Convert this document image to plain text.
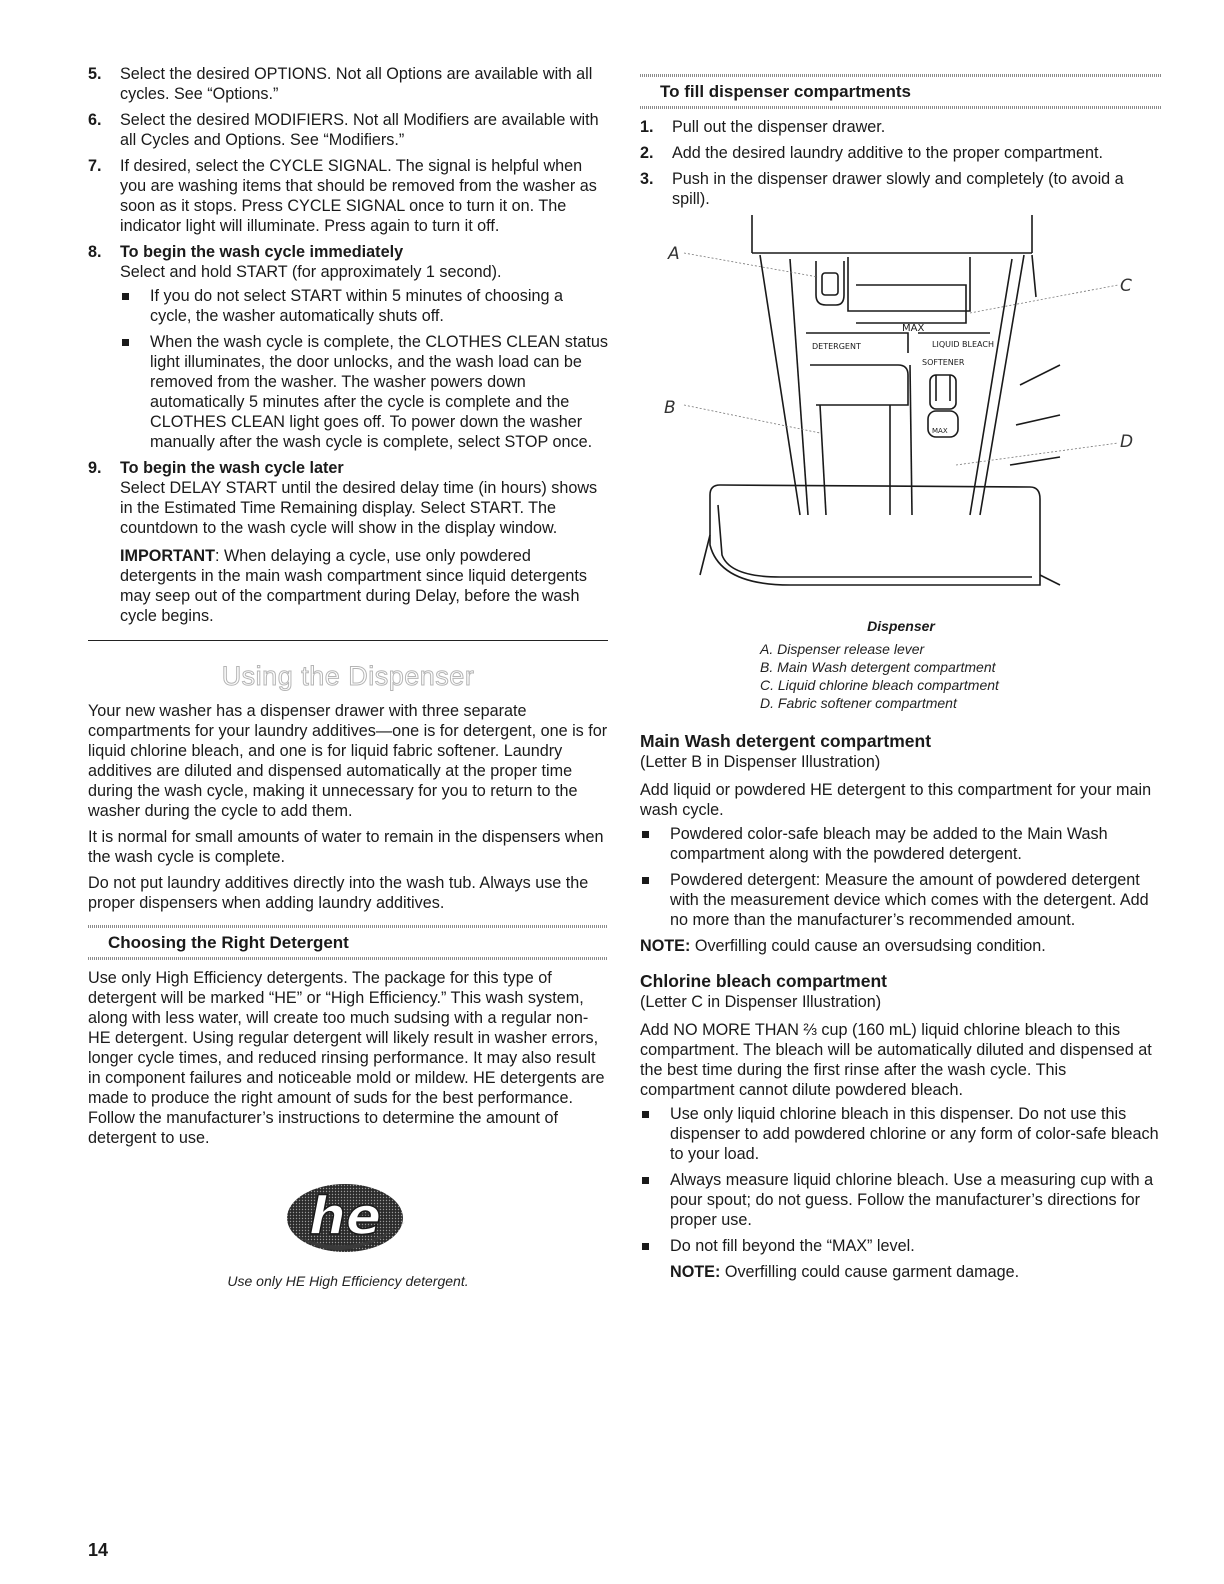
5. Select the desired OPTIONS. Not all Options are available with all cycles. See “Options.”
6. Select the desired MODIFIERS. Not all Modifiers are available with all Cycles and Options. See “Modifiers.”
7. If desired, select the CYCLE SIGNAL. The signal is helpful when you are washing items that should be removed from the washer as soon as it stops. Press CYCLE SIGNAL once to turn it on. The indicator light will illuminate. Press again to turn it off.
8. To begin the wash cycle immediately
Select and hold START (for approximately 1 second).
If you do not select START within 5 minutes of choosing a cycle, the washer automatically shuts off.
When the wash cycle is complete, the CLOTHES CLEAN status light illuminates, the door unlocks, and the wash load can be removed from the washer. The washer powers down automatically 5 minutes after the cycle is complete and the CLOTHES CLEAN light goes off. To power down the washer manually after the wash cycle is complete, select STOP once.
9. To begin the wash cycle later
Select DELAY START until the desired delay time (in hours) shows in the Estimated Time Remaining display. Select START. The countdown to the wash cycle will show in the display window.
IMPORTANT: When delaying a cycle, use only powdered detergents in the main wash compartment since liquid detergents may seep out of the compartment during Delay, before the wash cycle begins.
Using the Dispenser

Your new washer has a dispenser drawer with three separate compartments for your laundry additives—one is for detergent, one is for liquid chlorine bleach, and one is for liquid fabric softener. Laundry additives are diluted and dispensed automatically at the proper time during the wash cycle, making it unnecessary for you to return to the washer during the cycle to add them.

It is normal for small amounts of water to remain in the dispensers when the wash cycle is complete.

Do not put laundry additives directly into the wash tub. Always use the proper dispensers when adding laundry additives.

Choosing the Right Detergent

Use only High Efficiency detergents. The package for this type of detergent will be marked “HE” or “High Efficiency.” This wash system, along with less water, will create too much sudsing with a regular non-HE detergent. Using regular detergent will likely result in washer errors, longer cycle times, and reduced rinsing performance. It may also result in component failures and noticeable mold or mildew. HE detergents are made to produce the right amount of suds for the best performance. Follow the manufacturer’s instructions to determine the amount of detergent to use.

he
Use only HE High Efficiency detergent.
To fill dispenser compartments
1. Pull out the dispenser drawer.
2. Add the desired laundry additive to the proper compartment.
3. Push in the dispenser drawer slowly and completely (to avoid a spill).
MAX
DETERGENT	LIQUID BLEACH
SOFTENER
MAX
A
B
C
D
Dispenser
A. Dispenser release lever
B. Main Wash detergent compartment
C. Liquid chlorine bleach compartment
D. Fabric softener compartment
Main Wash detergent compartment

(Letter B in Dispenser Illustration)

Add liquid or powdered HE detergent to this compartment for your main wash cycle.

Powdered color-safe bleach may be added to the Main Wash compartment along with the powdered detergent.
Powdered detergent: Measure the amount of powdered detergent with the measurement device which comes with the detergent. Add no more than the manufacturer’s recommended amount.

NOTE: Overfilling could cause an oversudsing condition.

Chlorine bleach compartment

(Letter C in Dispenser Illustration)

Add NO MORE THAN ⅔ cup (160 mL) liquid chlorine bleach to this compartment. The bleach will be automatically diluted and dispensed at the best time during the first rinse after the wash cycle. This compartment cannot dilute powdered bleach.

Use only liquid chlorine bleach in this dispenser. Do not use this dispenser to add powdered chlorine or any form of color-safe bleach to your load.
Always measure liquid chlorine bleach. Use a measuring cup with a pour spout; do not guess. Follow the manufacturer’s directions for proper use.
Do not fill beyond the “MAX” level.

NOTE: Overfilling could cause garment damage.

14
